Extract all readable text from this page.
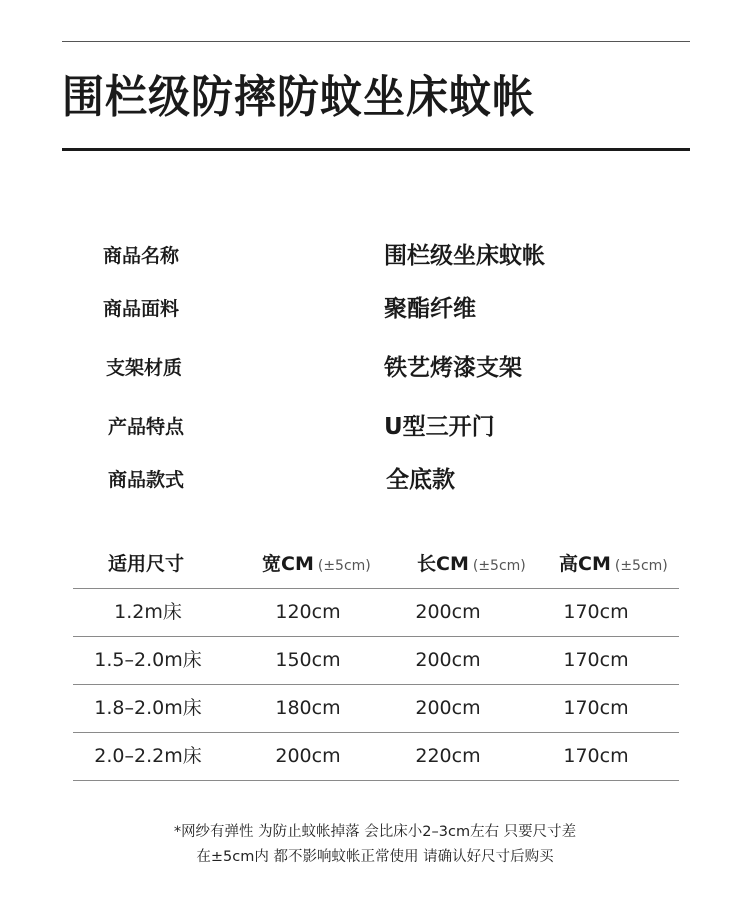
围栏级防摔防蚊坐床蚊帐
商品名称	围栏级坐床蚊帐
商品面料	聚酯纤维
支架材质	铁艺烤漆支架
产品特点	U型三开门
商品款式	全底款
适用尺寸	宽CM (±5cm) 长CM (±5cm) 高CM (±5cm)
1.2m床	120cm	200cm	170cm
1.5–2.0m床	150cm	200cm	170cm
1.8–2.0m床	180cm	200cm	170cm
2.0–2.2m床	200cm	220cm	170cm
*网纱有弹性 为防止蚊帐掉落 会比床小2–3cm左右 只要尺寸差
在±5cm内 都不影响蚊帐正常使用 请确认好尺寸后购买
